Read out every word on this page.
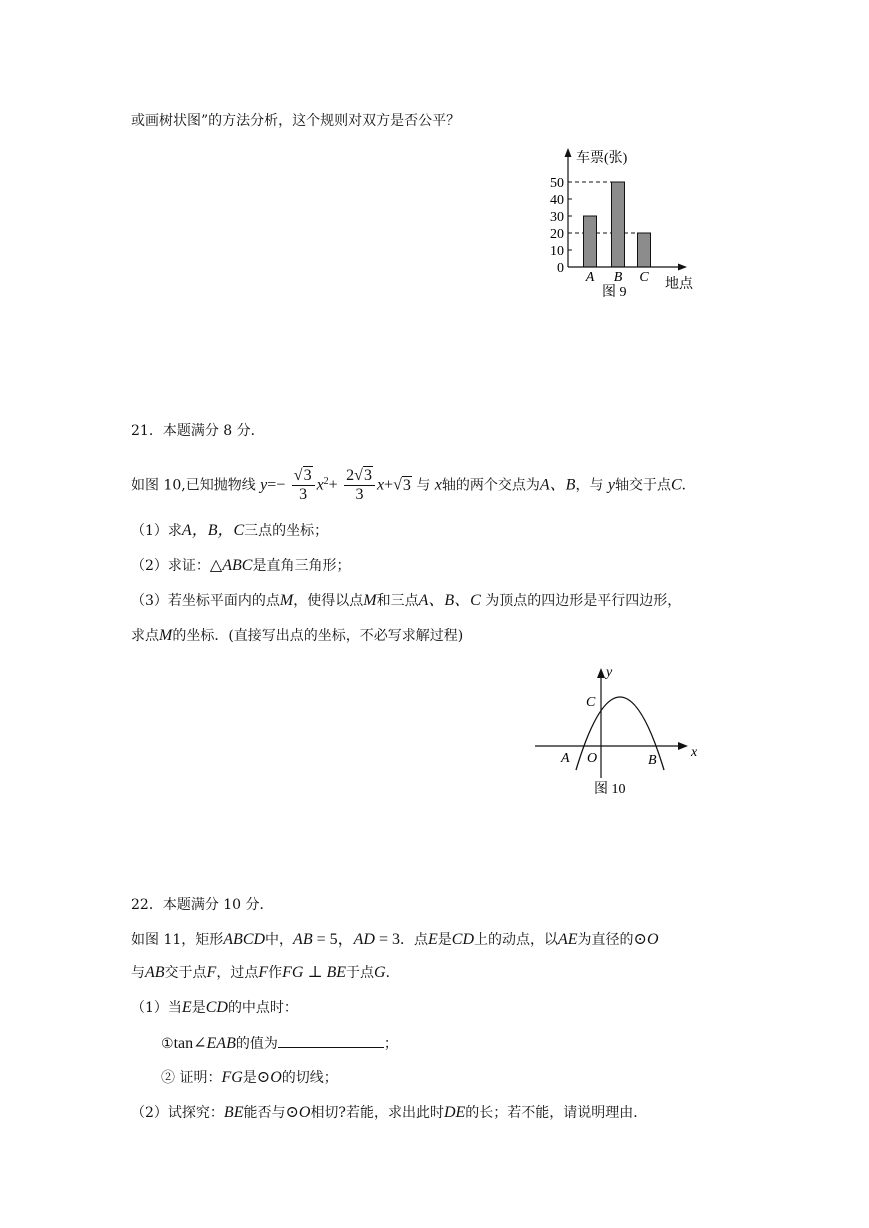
或画树状图”的方法分析，这个规则对双方是否公平？
0
10
20
30
40
50
A B C
车票(张)
地点
图 9
21．本题满分 8 分．
如图 10,已知抛物线 $y=- \frac{√3}{3} x^2+ \frac{2√3}{3} x+√3$ 与 x轴的两个交点为A、B，与 y轴交于点C．
（1）求A，B，C三点的坐标；
（2）求证：△ABC是直角三角形；
（3）若坐标平面内的点M，使得以点M和三点A、B、C 为顶点的四边形是平行四边形，
求点M的坐标．(直接写出点的坐标，不必写求解过程)
y
x
C
A O	B
图 10
22．本题满分 10 分．
如图 11，矩形ABCD中，AB = 5，AD = 3．点E是CD上的动点，以AE为直径的⊙O
与AB交于点F，过点F作FG ⊥ BE于点G．
（1）当E是CD的中点时：
①tan∠EAB的值为	；
② 证明：FG是⊙O的切线；
（2）试探究：BE能否与⊙O相切?若能，求出此时DE的长；若不能，请说明理由．
